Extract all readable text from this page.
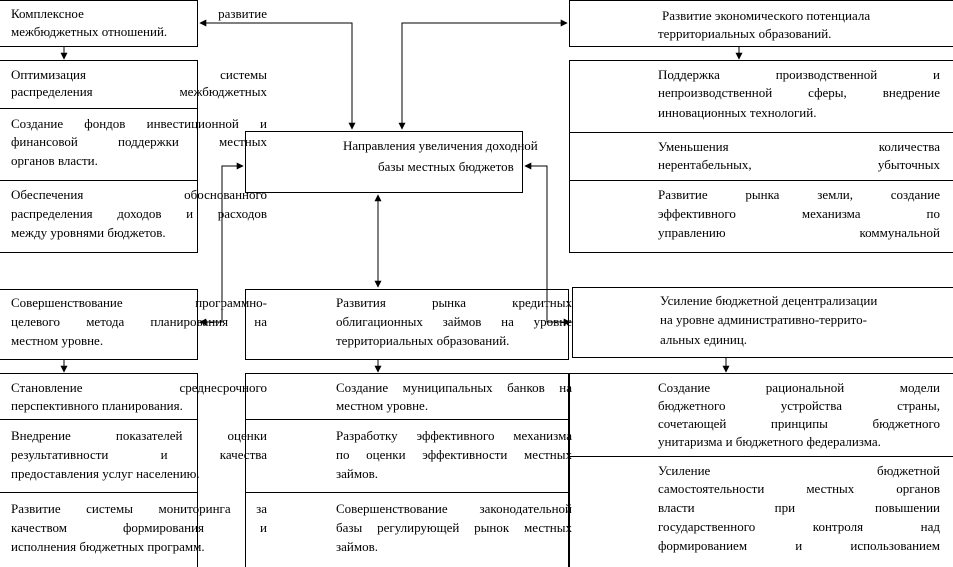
Направления увеличения доходной
базы местных бюджетов
Комплексное развитие
межбюджетных отношений.
Оптимизация системы
распределения межбюджетных
Создание фондов инвестиционной и
финансовой поддержки местных
органов власти.
Обеспечения обоснованного
распределения доходов и расходов
между уровнями бюджетов.
Совершенствование программно-
целевого метода планирования на
местном уровне.
Становление среднесрочного
перспективного планирования.
Внедрение показателей оценки
результативности и качества
предоставления услуг населению.
Развитие системы мониторинга за
качеством формирования и
исполнения бюджетных программ.
Развития рынка кредитных
облигационных займов на уровне
территориальных образований.
Создание муниципальных банков на
местном уровне.
Разработку эффективного механизма
по оценки эффективности местных
займов.
Совершенствование законодательной
базы регулирующей рынок местных
займов.
Развитие экономического потенциала
территориальных образований.
Поддержка производственной и
непроизводственной сферы, внедрение
инновационных технологий.
Уменьшения количества
нерентабельных, убыточных
Развитие рынка земли, создание
эффективного механизма по
управлению коммунальной
Усиление бюджетной децентрализации
на уровне административно-террито-
альных единиц.
Создание рациональной модели
бюджетного устройства страны,
сочетающей принципы бюджетного
унитаризма и бюджетного федерализма.
Усиление бюджетной
самостоятельности местных органов
власти при повышении
государственного контроля над
формированием и использованием
